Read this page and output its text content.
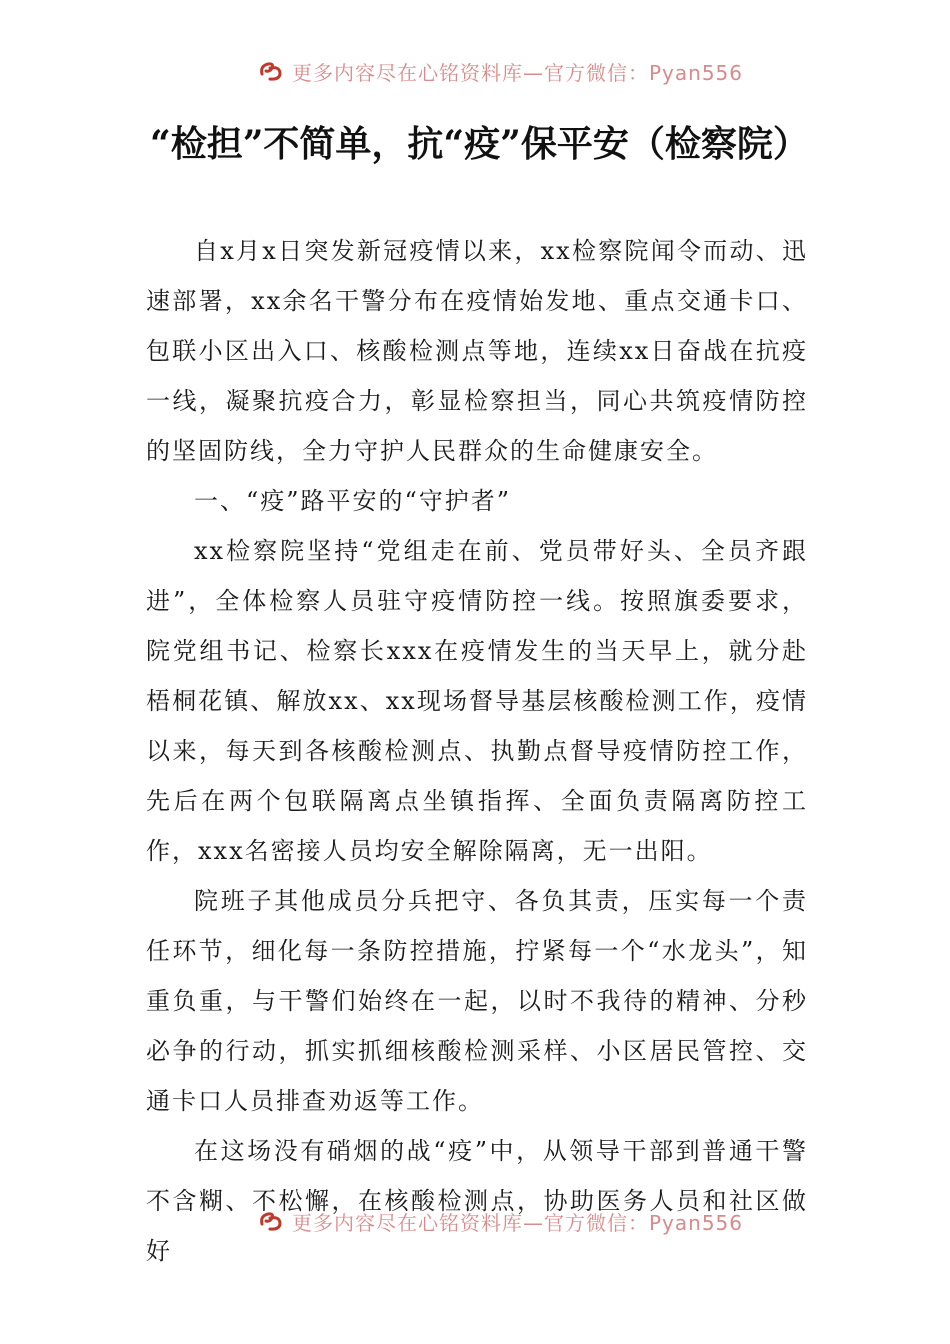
更多内容尽在心铭资料库—官方微信：Pyan556
“检担”不简单，抗“疫”保平安（检察院）

自x月x日突发新冠疫情以来，xx检察院闻令而动、迅速部署，xx余名干警分布在疫情始发地、重点交通卡口、包联小区出入口、核酸检测点等地，连续xx日奋战在抗疫一线，凝聚抗疫合力，彰显检察担当，同心共筑疫情防控的坚固防线，全力守护人民群众的生命健康安全。

一、“疫”路平安的“守护者”

xx检察院坚持“党组走在前、党员带好头、全员齐跟进”，全体检察人员驻守疫情防控一线。按照旗委要求，院党组书记、检察长xxx在疫情发生的当天早上，就分赴梧桐花镇、解放xx、xx现场督导基层核酸检测工作，疫情以来，每天到各核酸检测点、执勤点督导疫情防控工作，先后在两个包联隔离点坐镇指挥、全面负责隔离防控工作，xxx名密接人员均安全解除隔离，无一出阳。

院班子其他成员分兵把守、各负其责，压实每一个责任环节，细化每一条防控措施，拧紧每一个“水龙头”，知重负重，与干警们始终在一起，以时不我待的精神、分秒必争的行动，抓实抓细核酸检测采样、小区居民管控、交通卡口人员排查劝返等工作。

在这场没有硝烟的战“疫”中，从领导干部到普通干警不含糊、不松懈，在核酸检测点，协助医务人员和社区做好

更多内容尽在心铭资料库—官方微信：Pyan556
